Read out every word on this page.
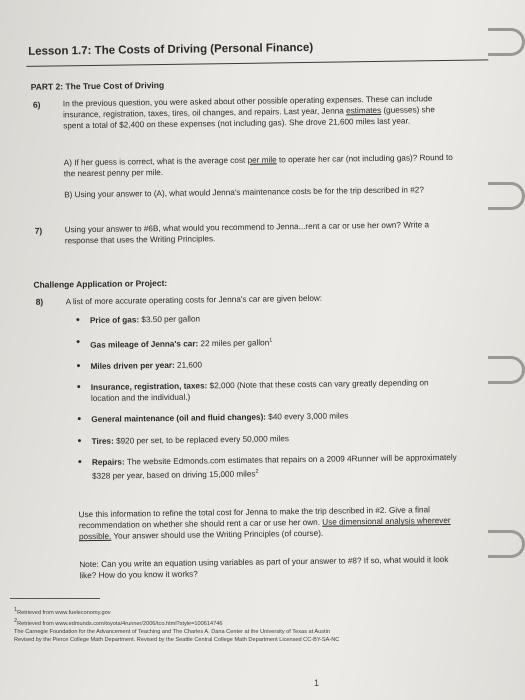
Lesson 1.7: The Costs of Driving (Personal Finance)
PART 2: The True Cost of Driving
6)	In the previous question, you were asked about other possible operating expenses. These can include insurance, registration, taxes, tires, oil changes, and repairs. Last year, Jenna estimates (guesses) she spent a total of $2,400 on these expenses (not including gas). She drove 21,600 miles last year.
A) If her guess is correct, what is the average cost per mile to operate her car (not including gas)? Round to the nearest penny per mile.
B) Using your answer to (A), what would Jenna's maintenance costs be for the trip described in #2?
7)	Using your answer to #6B, what would you recommend to Jenna...rent a car or use her own? Write a response that uses the Writing Principles.
Challenge Application or Project:
8)	A list of more accurate operating costs for Jenna's car are given below:
• Price of gas: $3.50 per gallon
• Gas mileage of Jenna's car: 22 miles per gallon$^1$
• Miles driven per year: 21,600
• Insurance, registration, taxes: $2,000 (Note that these costs can vary greatly depending on location and the individual.)
• General maintenance (oil and fluid changes): $40 every 3,000 miles
• Tires: $920 per set, to be replaced every 50,000 miles
• Repairs: The website Edmonds.com estimates that repairs on a 2009 4Runner will be approximately $328 per year, based on driving 15,000 miles$^2$
Use this information to refine the total cost for Jenna to make the trip described in #2. Give a final recommendation on whether she should rent a car or use her own. Use dimensional analysis wherever possible. Your answer should use the Writing Principles (of course).
Note: Can you write an equation using variables as part of your answer to #8? If so, what would it look like? How do you know it works?
$^1$Retrieved from www.fueleconomy.gov
$^2$Retrieved from www.edmunds.com/toyota/4runner/2006/tco.html?style=100614746
The Carnegie Foundation for the Advancement of Teaching and The Charles A. Dana Center at the University of Texas at Austin
Revised by the Pierce College Math Department. Revised by the Seattle Central College Math Department Licensed CC-BY-SA-NC
1
